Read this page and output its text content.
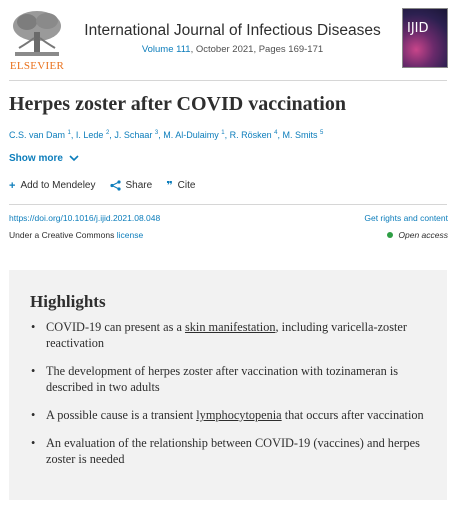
ELSEVIER
International Journal of Infectious Diseases
Volume 111, October 2021, Pages 169-171
IJID
Herpes zoster after COVID vaccination
C.S. van Dam $^1$, I. Lede $^2$, J. Schaar $^3$, M. Al-Dulaimy $^1$, R. Rösken $^4$, M. Smits $^5$
Show more
+ Add to Mendeley	Share ❞ Cite
https://doi.org/10.1016/j.ijid.2021.08.048	Get rights and content
Under a Creative Commons license	Open access
Highlights
• COVID-19 can present as a skin manifestation, including varicella-zoster reactivation
• The development of herpes zoster after vaccination with tozinameran is described in two adults
• A possible cause is a transient lymphocytopenia that occurs after vaccination
• An evaluation of the relationship between COVID-19 (vaccines) and herpes zoster is needed
